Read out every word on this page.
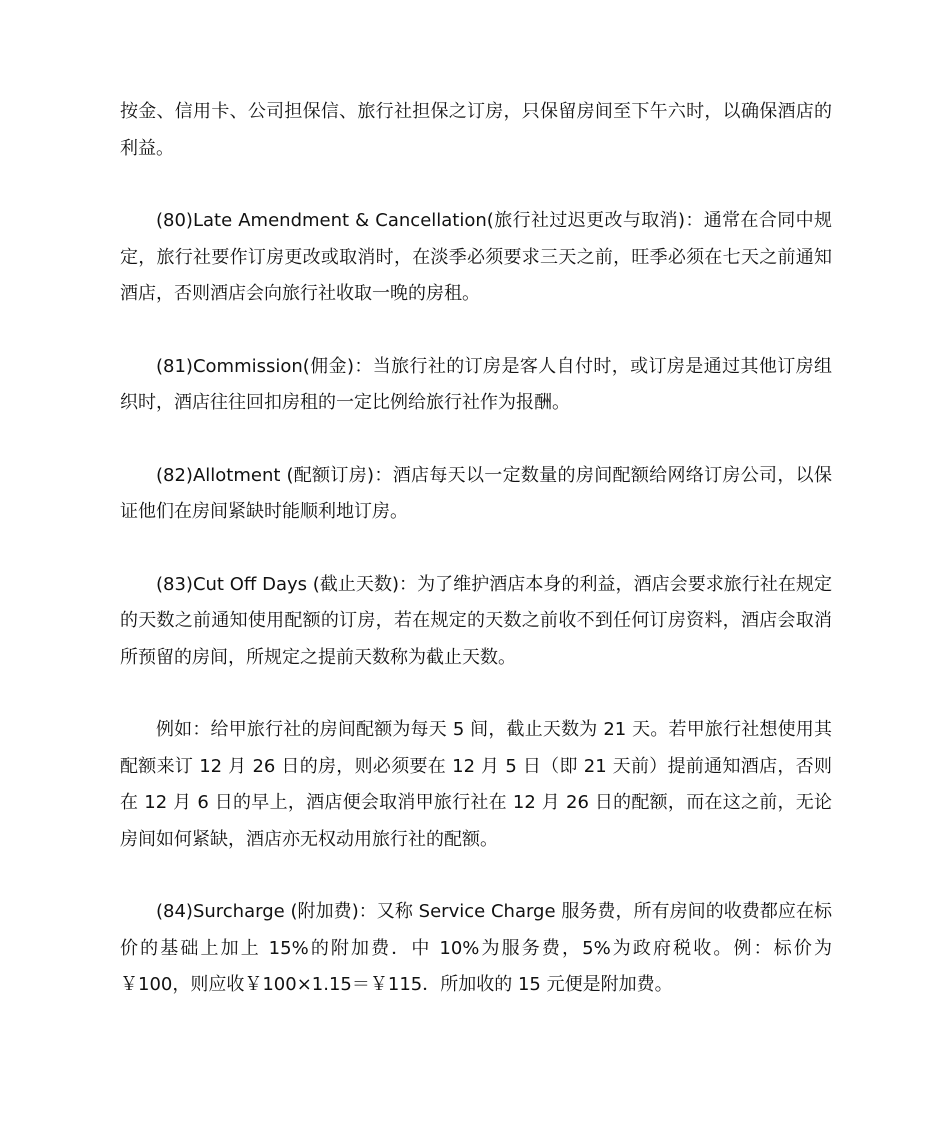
按金、信用卡、公司担保信、旅行社担保之订房，只保留房间至下午六时，以确保酒店的利益。

(80)Late Amendment & Cancellation(旅行社过迟更改与取消)：通常在合同中规定，旅行社要作订房更改或取消时，在淡季必须要求三天之前，旺季必须在七天之前通知酒店，否则酒店会向旅行社收取一晚的房租。

(81)Commission(佣金)：当旅行社的订房是客人自付时，或订房是通过其他订房组织时，酒店往往回扣房租的一定比例给旅行社作为报酬。

(82)Allotment (配额订房)：酒店每天以一定数量的房间配额给网络订房公司，以保证他们在房间紧缺时能顺利地订房。

(83)Cut Off Days (截止天数)：为了维护酒店本身的利益，酒店会要求旅行社在规定的天数之前通知使用配额的订房，若在规定的天数之前收不到任何订房资料，酒店会取消所预留的房间，所规定之提前天数称为截止天数。

例如：给甲旅行社的房间配额为每天 5 间，截止天数为 21 天。若甲旅行社想使用其配额来订 12 月 26 日的房，则必须要在 12 月 5 日（即 21 天前）提前通知酒店，否则在 12 月 6 日的早上，酒店便会取消甲旅行社在 12 月 26 日的配额，而在这之前，无论房间如何紧缺，酒店亦无权动用旅行社的配额。

(84)Surcharge (附加费)：又称 Service Charge 服务费，所有房间的收费都应在标价的基础上加上 15%的附加费．中 10%为服务费，5%为政府税收。例：标价为￥100，则应收￥100×1.15＝￥115．所加收的 15 元便是附加费。
